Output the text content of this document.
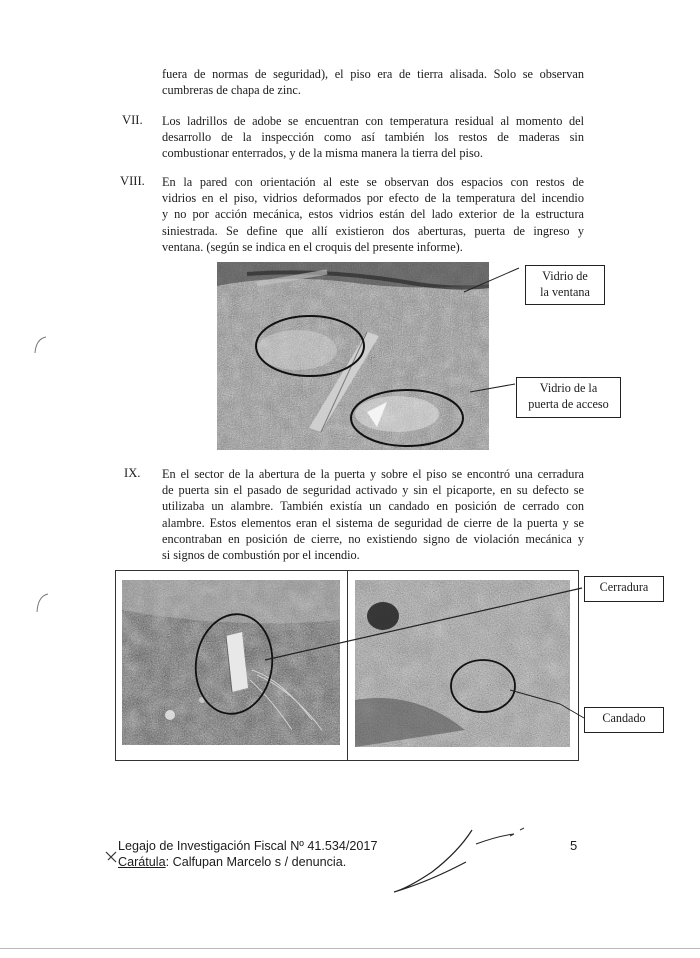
fuera de normas de seguridad), el piso era de tierra alisada. Solo se observan
cumbreras de chapa de zinc.
VII. Los ladrillos de adobe se encuentran con temperatura residual al momento del
desarrollo de la inspección como así también los restos de maderas sin
combustionar enterrados, y de la misma manera la tierra del piso.
VIII. En la pared con orientación al este se observan dos espacios con restos de
vidrios en el piso, vidrios deformados por efecto de la temperatura del incendio
y no por acción mecánica, estos vidrios están del lado exterior de la estructura
siniestrada. Se define que allí existieron dos aberturas, puerta de ingreso y
ventana. (según se indica en el croquis del presente informe).
Vidrio de
la ventana
Vidrio de la
puerta de acceso
IX. En el sector de la abertura de la puerta y sobre el piso se encontró una cerradura
de puerta sin el pasado de seguridad activado y sin el picaporte, en su defecto se
utilizaba un alambre. También existía un candado en posición de cerrado con
alambre. Estos elementos eran el sistema de seguridad de cierre de la puerta y se
encontraban en posición de cierre, no existiendo signo de violación mecánica y
si signos de combustión por el incendio.
Cerradura
Candado
Legajo de Investigación Fiscal Nº 41.534/2017
Carátula: Calfupan Marcelo s / denuncia.
5
